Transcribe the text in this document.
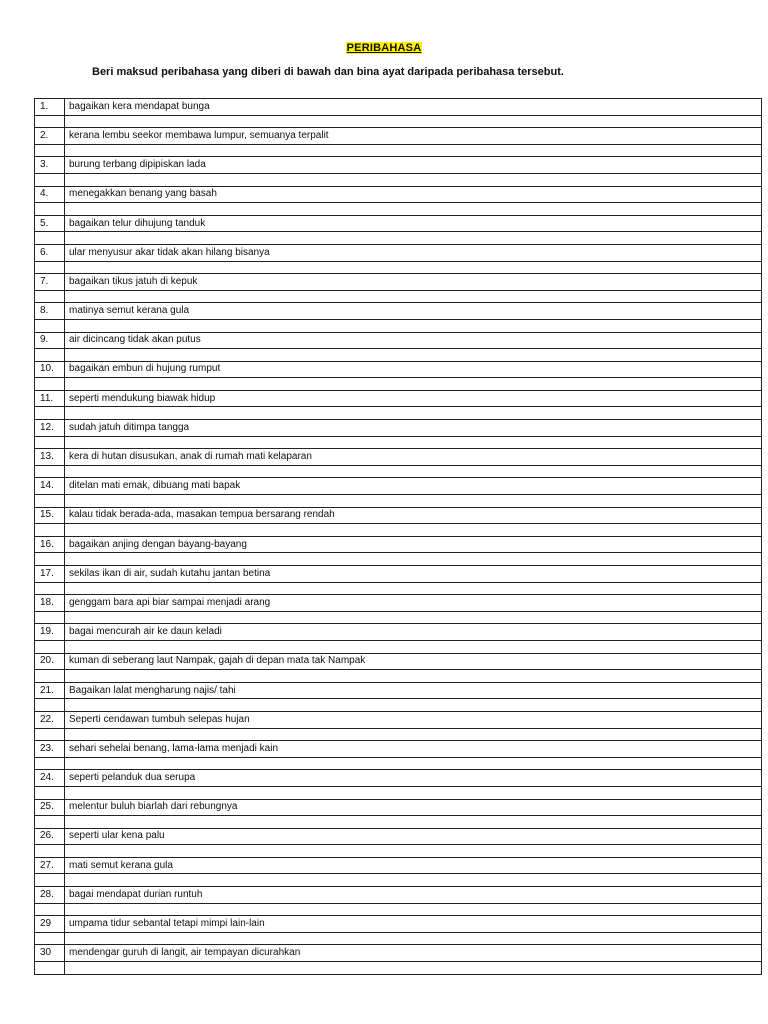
PERIBAHASA
Beri maksud peribahasa yang diberi di bawah dan bina ayat daripada peribahasa tersebut.
1.	bagaikan kera mendapat bunga

2.	kerana lembu seekor membawa lumpur, semuanya terpalit

3.	burung terbang dipipiskan lada

4.	menegakkan benang yang basah

5.	bagaikan telur dihujung tanduk

6.	ular menyusur akar tidak akan hilang bisanya

7.	bagaikan tikus jatuh di kepuk

8.	matinya semut kerana gula

9.	air dicincang tidak akan putus

10.	bagaikan embun di hujung rumput

11.	seperti mendukung biawak hidup

12.	sudah jatuh ditimpa tangga

13.	kera di hutan disusukan, anak di rumah mati kelaparan

14.	ditelan mati emak, dibuang mati bapak

15.	kalau tidak berada-ada, masakan tempua bersarang rendah

16.	bagaikan anjing dengan bayang-bayang

17.	sekilas ikan di air, sudah kutahu jantan betina

18.	genggam bara api biar sampai menjadi arang

19.	bagai mencurah air ke daun keladi

20.	kuman di seberang laut Nampak, gajah di depan mata tak Nampak

21.	Bagaikan lalat mengharung najis/ tahi

22.	Seperti cendawan tumbuh selepas hujan

23.	sehari sehelai benang, lama-lama menjadi kain

24.	seperti pelanduk dua serupa

25.	melentur buluh biarlah dari rebungnya

26.	seperti ular kena palu

27.	mati semut kerana gula

28.	bagai mendapat durian runtuh

29	umpama tidur sebantal tetapi mimpi lain-lain

30	mendengar guruh di langit, air tempayan dicurahkan
